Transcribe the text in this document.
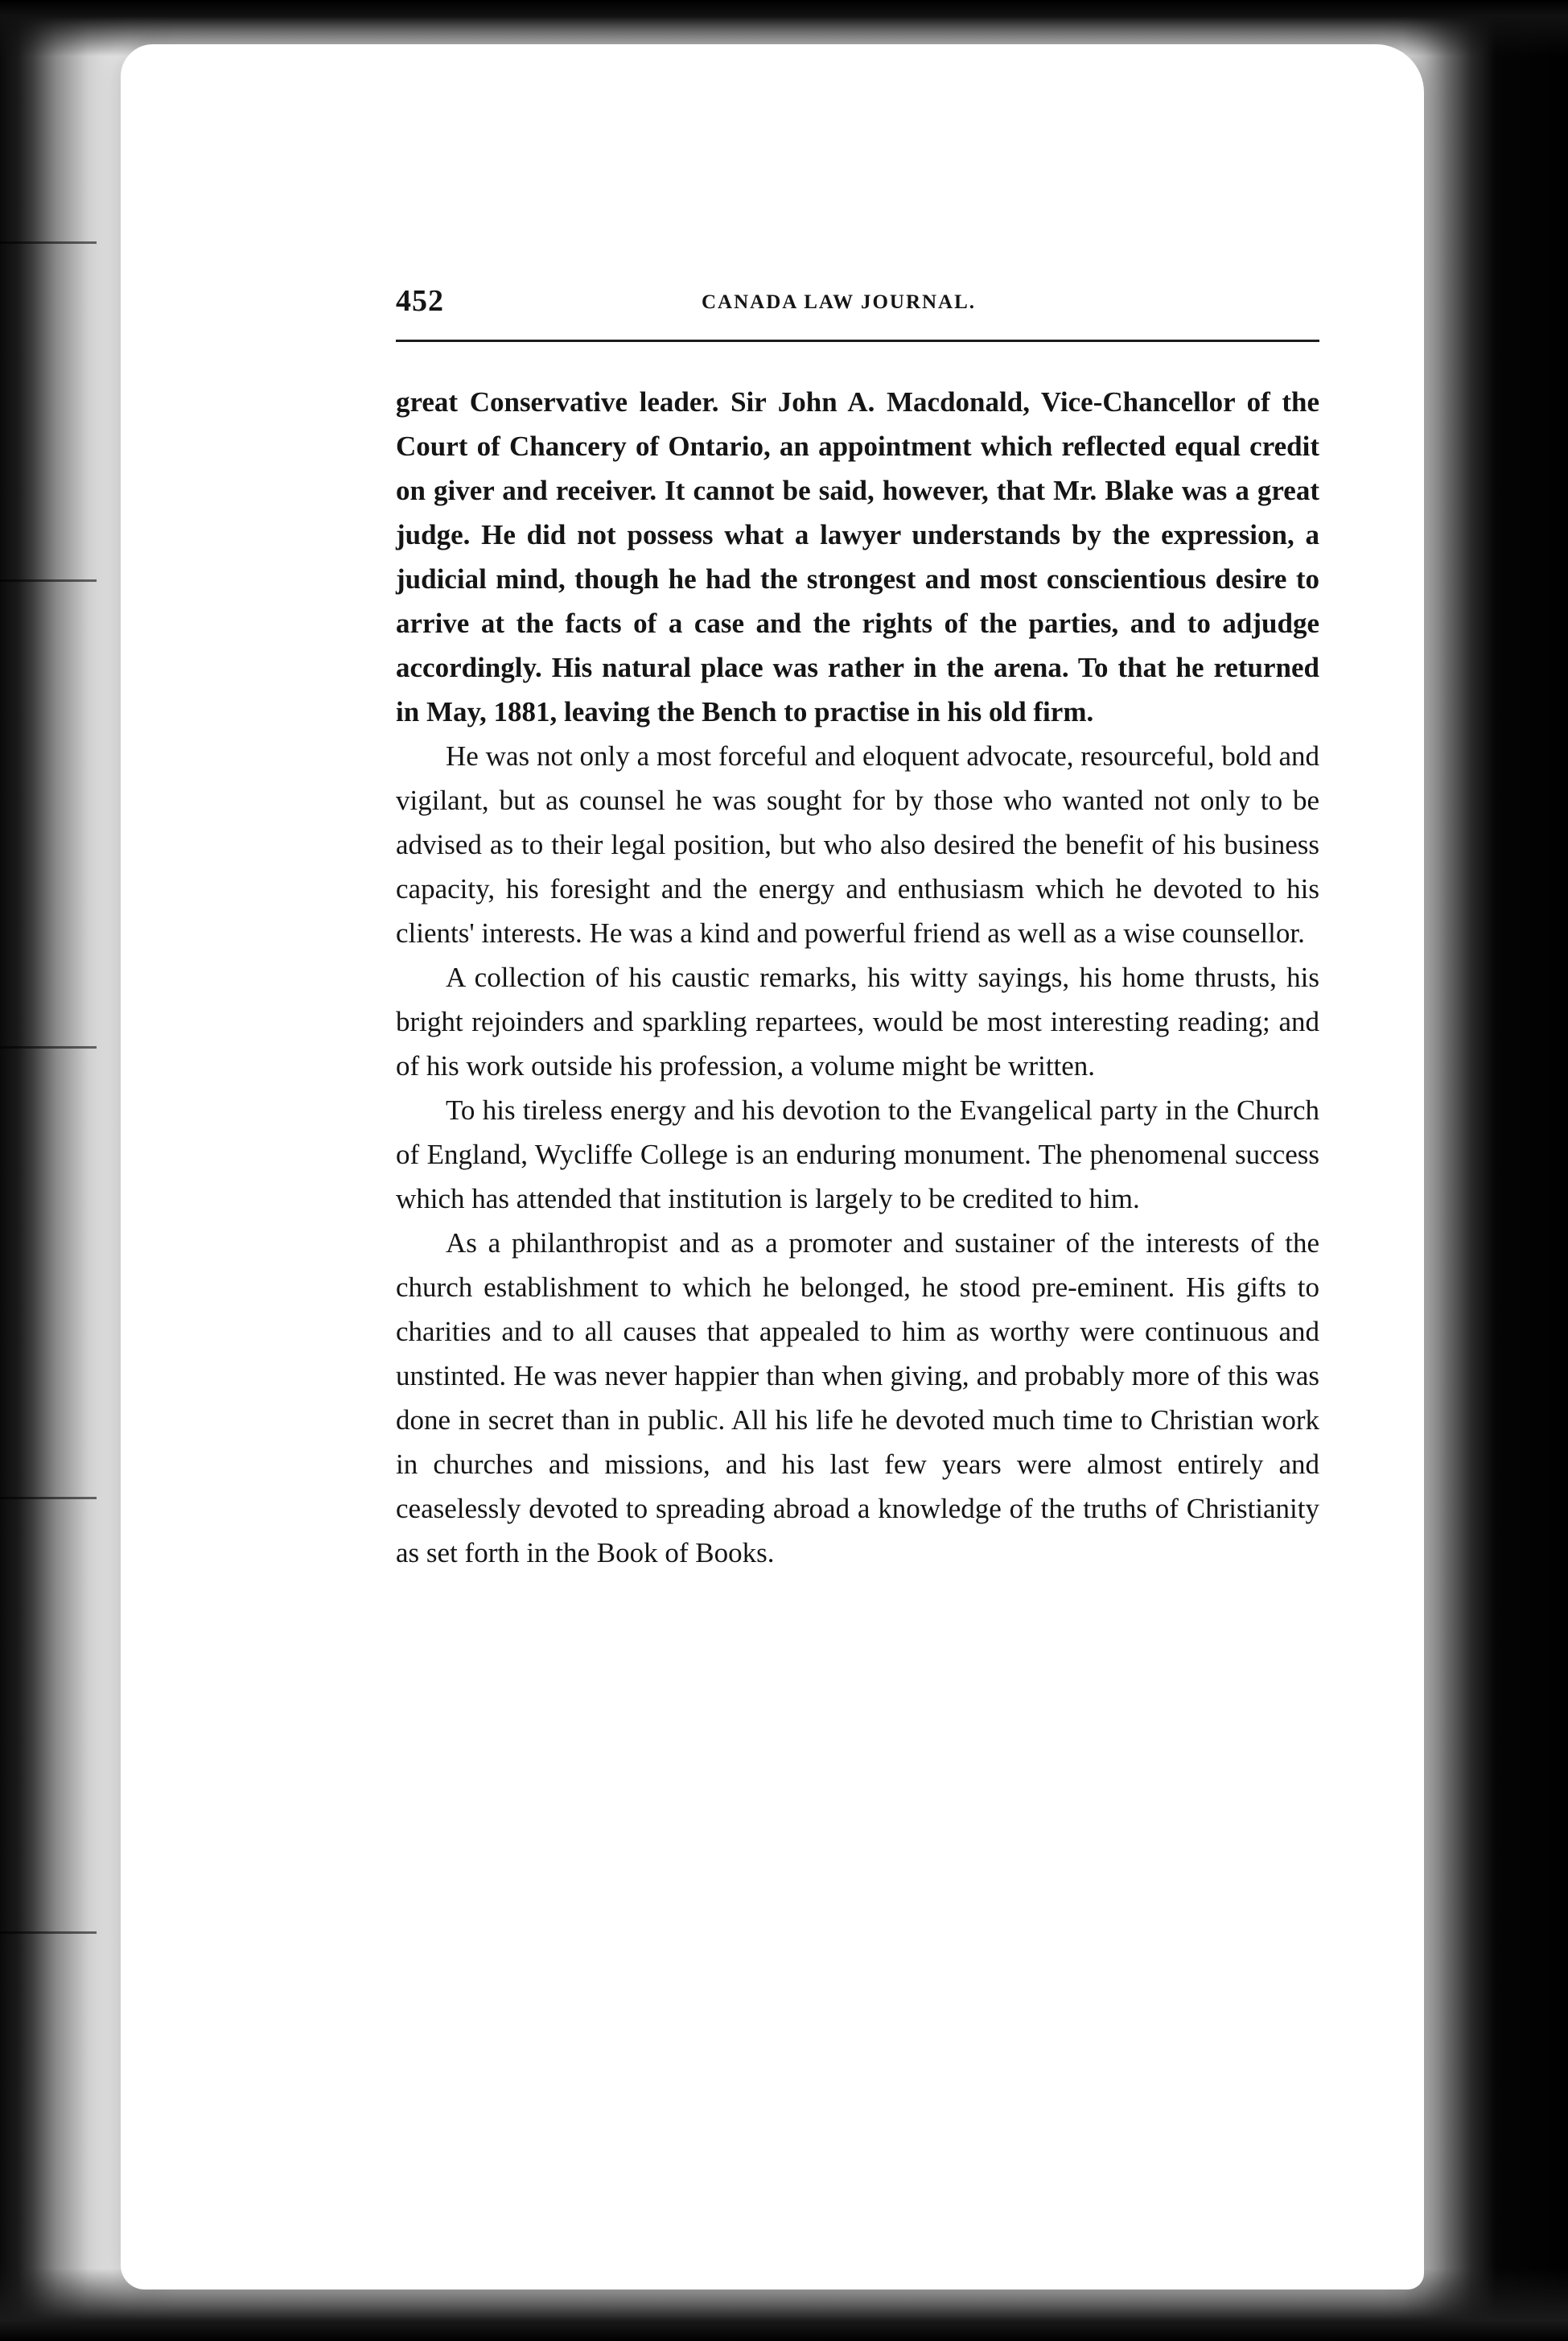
452	CANADA LAW JOURNAL.

great Conservative leader. Sir John A. Macdonald, Vice-Chancellor of the Court of Chancery of Ontario, an appointment which reflected equal credit on giver and receiver. It cannot be said, however, that Mr. Blake was a great judge. He did not possess what a lawyer understands by the expression, a judicial mind, though he had the strongest and most conscientious desire to arrive at the facts of a case and the rights of the parties, and to adjudge accordingly. His natural place was rather in the arena. To that he returned in May, 1881, leaving the Bench to practise in his old firm.

He was not only a most forceful and eloquent advocate, resourceful, bold and vigilant, but as counsel he was sought for by those who wanted not only to be advised as to their legal position, but who also desired the benefit of his business capacity, his foresight and the energy and enthusiasm which he devoted to his clients' interests. He was a kind and powerful friend as well as a wise counsellor.

A collection of his caustic remarks, his witty sayings, his home thrusts, his bright rejoinders and sparkling repartees, would be most interesting reading; and of his work outside his profession, a volume might be written.

To his tireless energy and his devotion to the Evangelical party in the Church of England, Wycliffe College is an enduring monument. The phenomenal success which has attended that institution is largely to be credited to him.

As a philanthropist and as a promoter and sustainer of the interests of the church establishment to which he belonged, he stood pre-eminent. His gifts to charities and to all causes that appealed to him as worthy were continuous and unstinted. He was never happier than when giving, and probably more of this was done in secret than in public. All his life he devoted much time to Christian work in churches and missions, and his last few years were almost entirely and ceaselessly devoted to spreading abroad a knowledge of the truths of Christianity as set forth in the Book of Books.
